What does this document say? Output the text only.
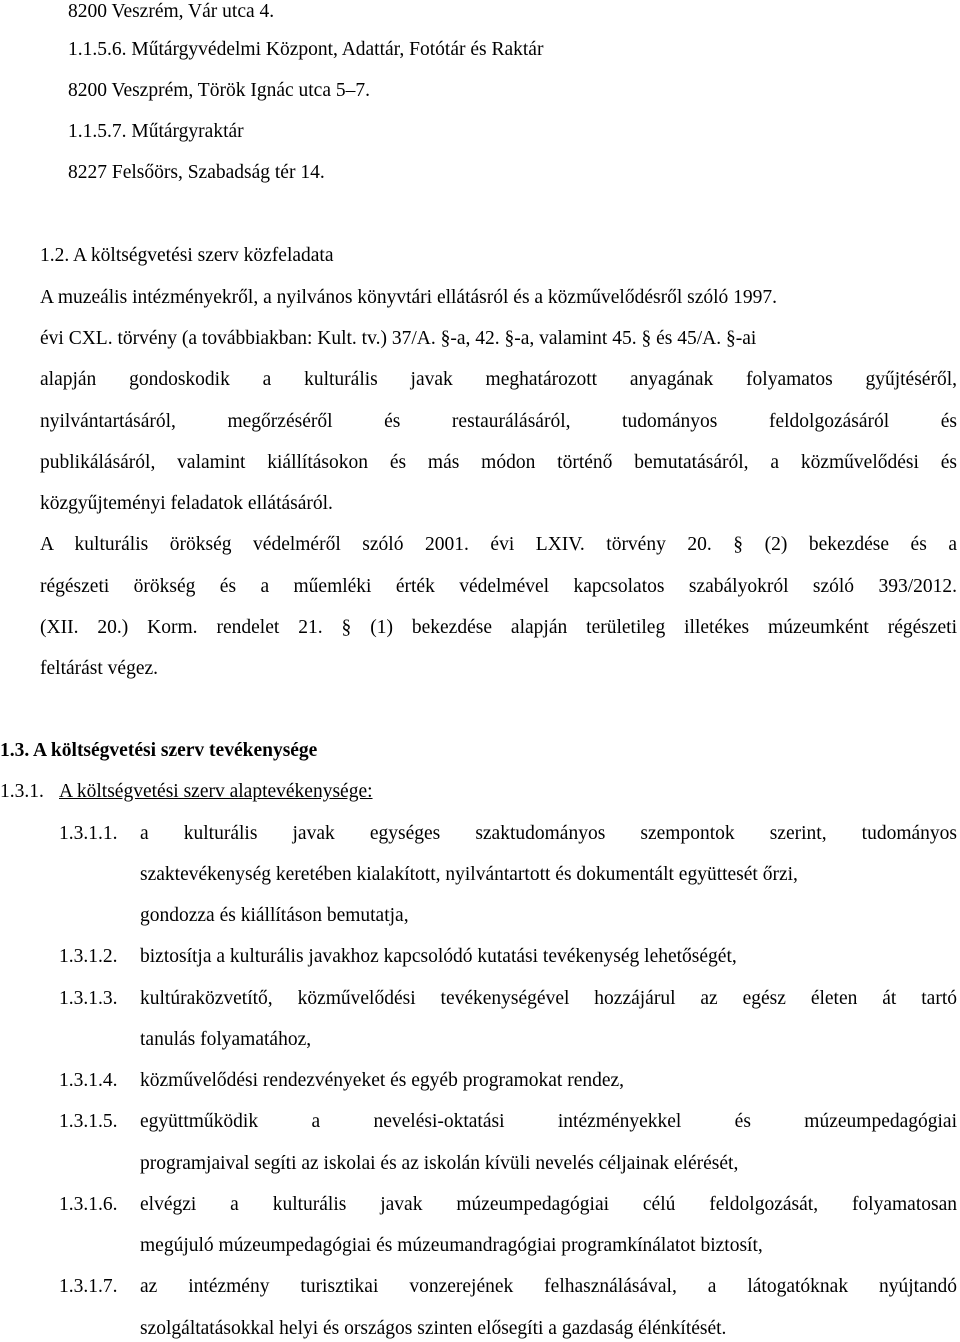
8200 Veszrém, Vár utca 4.
1.1.5.6. Műtárgyvédelmi Központ, Adattár, Fotótár és Raktár
8200 Veszprém, Török Ignác utca 5–7.
1.1.5.7. Műtárgyraktár
8227 Felsőörs, Szabadság tér 14.
1.2. A költségvetési szerv közfeladata
A muzeális intézményekről, a nyilvános könyvtári ellátásról és a közművelődésről szóló 1997.
évi CXL. törvény (a továbbiakban: Kult. tv.) 37/A. §-a, 42. §-a, valamint 45. § és 45/A. §-ai
alapján gondoskodik a kulturális javak meghatározott anyagának folyamatos gyűjtéséről,
nyilvántartásáról, megőrzéséről és restaurálásáról, tudományos feldolgozásáról és
publikálásáról, valamint kiállításokon és más módon történő bemutatásáról, a közművelődési és
közgyűjteményi feladatok ellátásáról.
A kulturális örökség védelméről szóló 2001. évi LXIV. törvény 20. § (2) bekezdése és a
régészeti örökség és a műemléki érték védelmével kapcsolatos szabályokról szóló 393/2012.
(XII. 20.) Korm. rendelet 21. § (1) bekezdése alapján területileg illetékes múzeumként régészeti
feltárást végez.
1.3. A költségvetési szerv tevékenysége
1.3.1. A költségvetési szerv alaptevékenysége:
1.3.1.1. a kulturális javak egységes szaktudományos szempontok szerint, tudományos
szaktevékenység keretében kialakított, nyilvántartott és dokumentált együttesét őrzi,
gondozza és kiállításon bemutatja,
1.3.1.2. biztosítja a kulturális javakhoz kapcsolódó kutatási tevékenység lehetőségét,
1.3.1.3. kultúraközvetítő, közművelődési tevékenységével hozzájárul az egész életen át tartó
tanulás folyamatához,
1.3.1.4. közművelődési rendezvényeket és egyéb programokat rendez,
1.3.1.5. együttműködik a nevelési-oktatási intézményekkel és múzeumpedagógiai
programjaival segíti az iskolai és az iskolán kívüli nevelés céljainak elérését,
1.3.1.6. elvégzi a kulturális javak múzeumpedagógiai célú feldolgozását, folyamatosan
megújuló múzeumpedagógiai és múzeumandragógiai programkínálatot biztosít,
1.3.1.7. az intézmény turisztikai vonzerejének felhasználásával, a látogatóknak nyújtandó
szolgáltatásokkal helyi és országos szinten elősegíti a gazdaság élénkítését.
